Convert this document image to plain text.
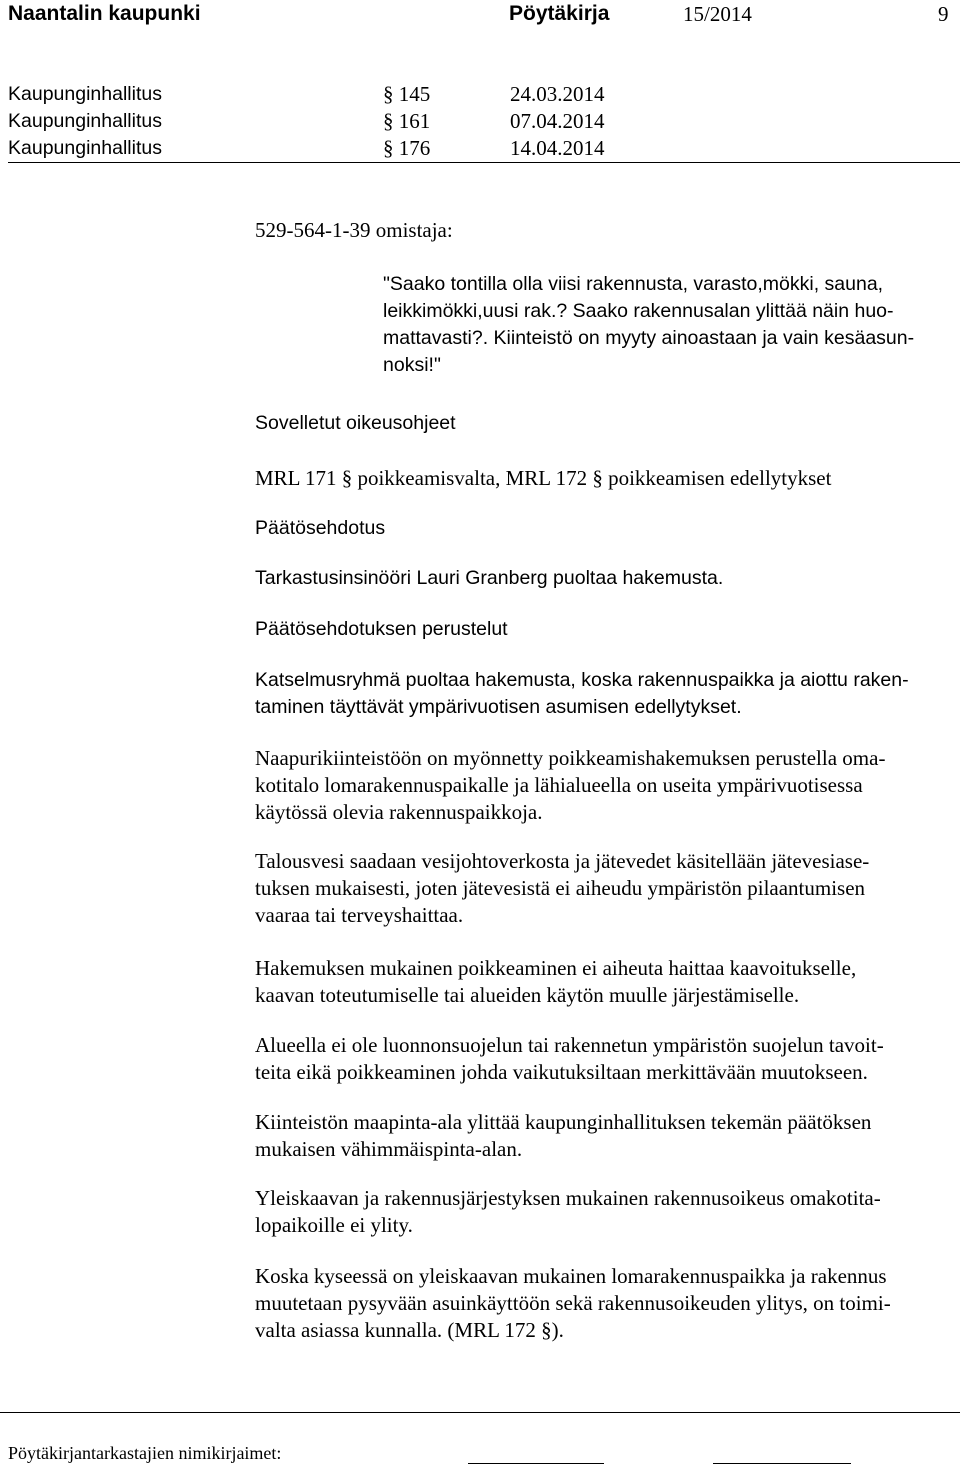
Naantalin kaupunki	Pöytäkirja	15/2014	9
Kaupunginhallitus	§ 145	24.03.2014
Kaupunginhallitus	§ 161	07.04.2014
Kaupunginhallitus	§ 176	14.04.2014
529-564-1-39 omistaja:

"Saako tontilla olla viisi rakennusta, varasto,mökki, sauna,

leikkimökki,uusi rak.? Saako rakennusalan ylittää näin huo-

mattavasti?. Kiinteistö on myyty ainoastaan ja vain kesäasun-

noksi!"

Sovelletut oikeusohjeet
MRL 171 § poikkeamisvalta, MRL 172 § poikkeamisen edellytykset
Päätösehdotus
Tarkastusinsinööri Lauri Granberg puoltaa hakemusta.
Päätösehdotuksen perustelut

Katselmusryhmä puoltaa hakemusta, koska rakennuspaikka ja aiottu raken-

taminen täyttävät ympärivuotisen asumisen edellytykset.

Naapurikiinteistöön on myönnetty poikkeamishakemuksen perustella oma-

kotitalo lomarakennuspaikalle ja lähialueella on useita ympärivuotisessa

käytössä olevia rakennuspaikkoja.

Talousvesi saadaan vesijohtoverkosta ja jätevedet käsitellään jätevesiase-

tuksen mukaisesti, joten jätevesistä ei aiheudu ympäristön pilaantumisen

vaaraa tai terveyshaittaa.

Hakemuksen mukainen poikkeaminen ei aiheuta haittaa kaavoitukselle,

kaavan toteutumiselle tai alueiden käytön muulle järjestämiselle.

Alueella ei ole luonnonsuojelun tai rakennetun ympäristön suojelun tavoit-

teita eikä poikkeaminen johda vaikutuksiltaan merkittävään muutokseen.

Kiinteistön maapinta-ala ylittää kaupunginhallituksen tekemän päätöksen

mukaisen vähimmäispinta-alan.

Yleiskaavan ja rakennusjärjestyksen mukainen rakennusoikeus omakotita-

lopaikoille ei ylity.

Koska kyseessä on yleiskaavan mukainen lomarakennuspaikka ja rakennus

muutetaan pysyvään asuinkäyttöön sekä rakennusoikeuden ylitys, on toimi-

valta asiassa kunnalla. (MRL 172 §).

Pöytäkirjantarkastajien nimikirjaimet:
